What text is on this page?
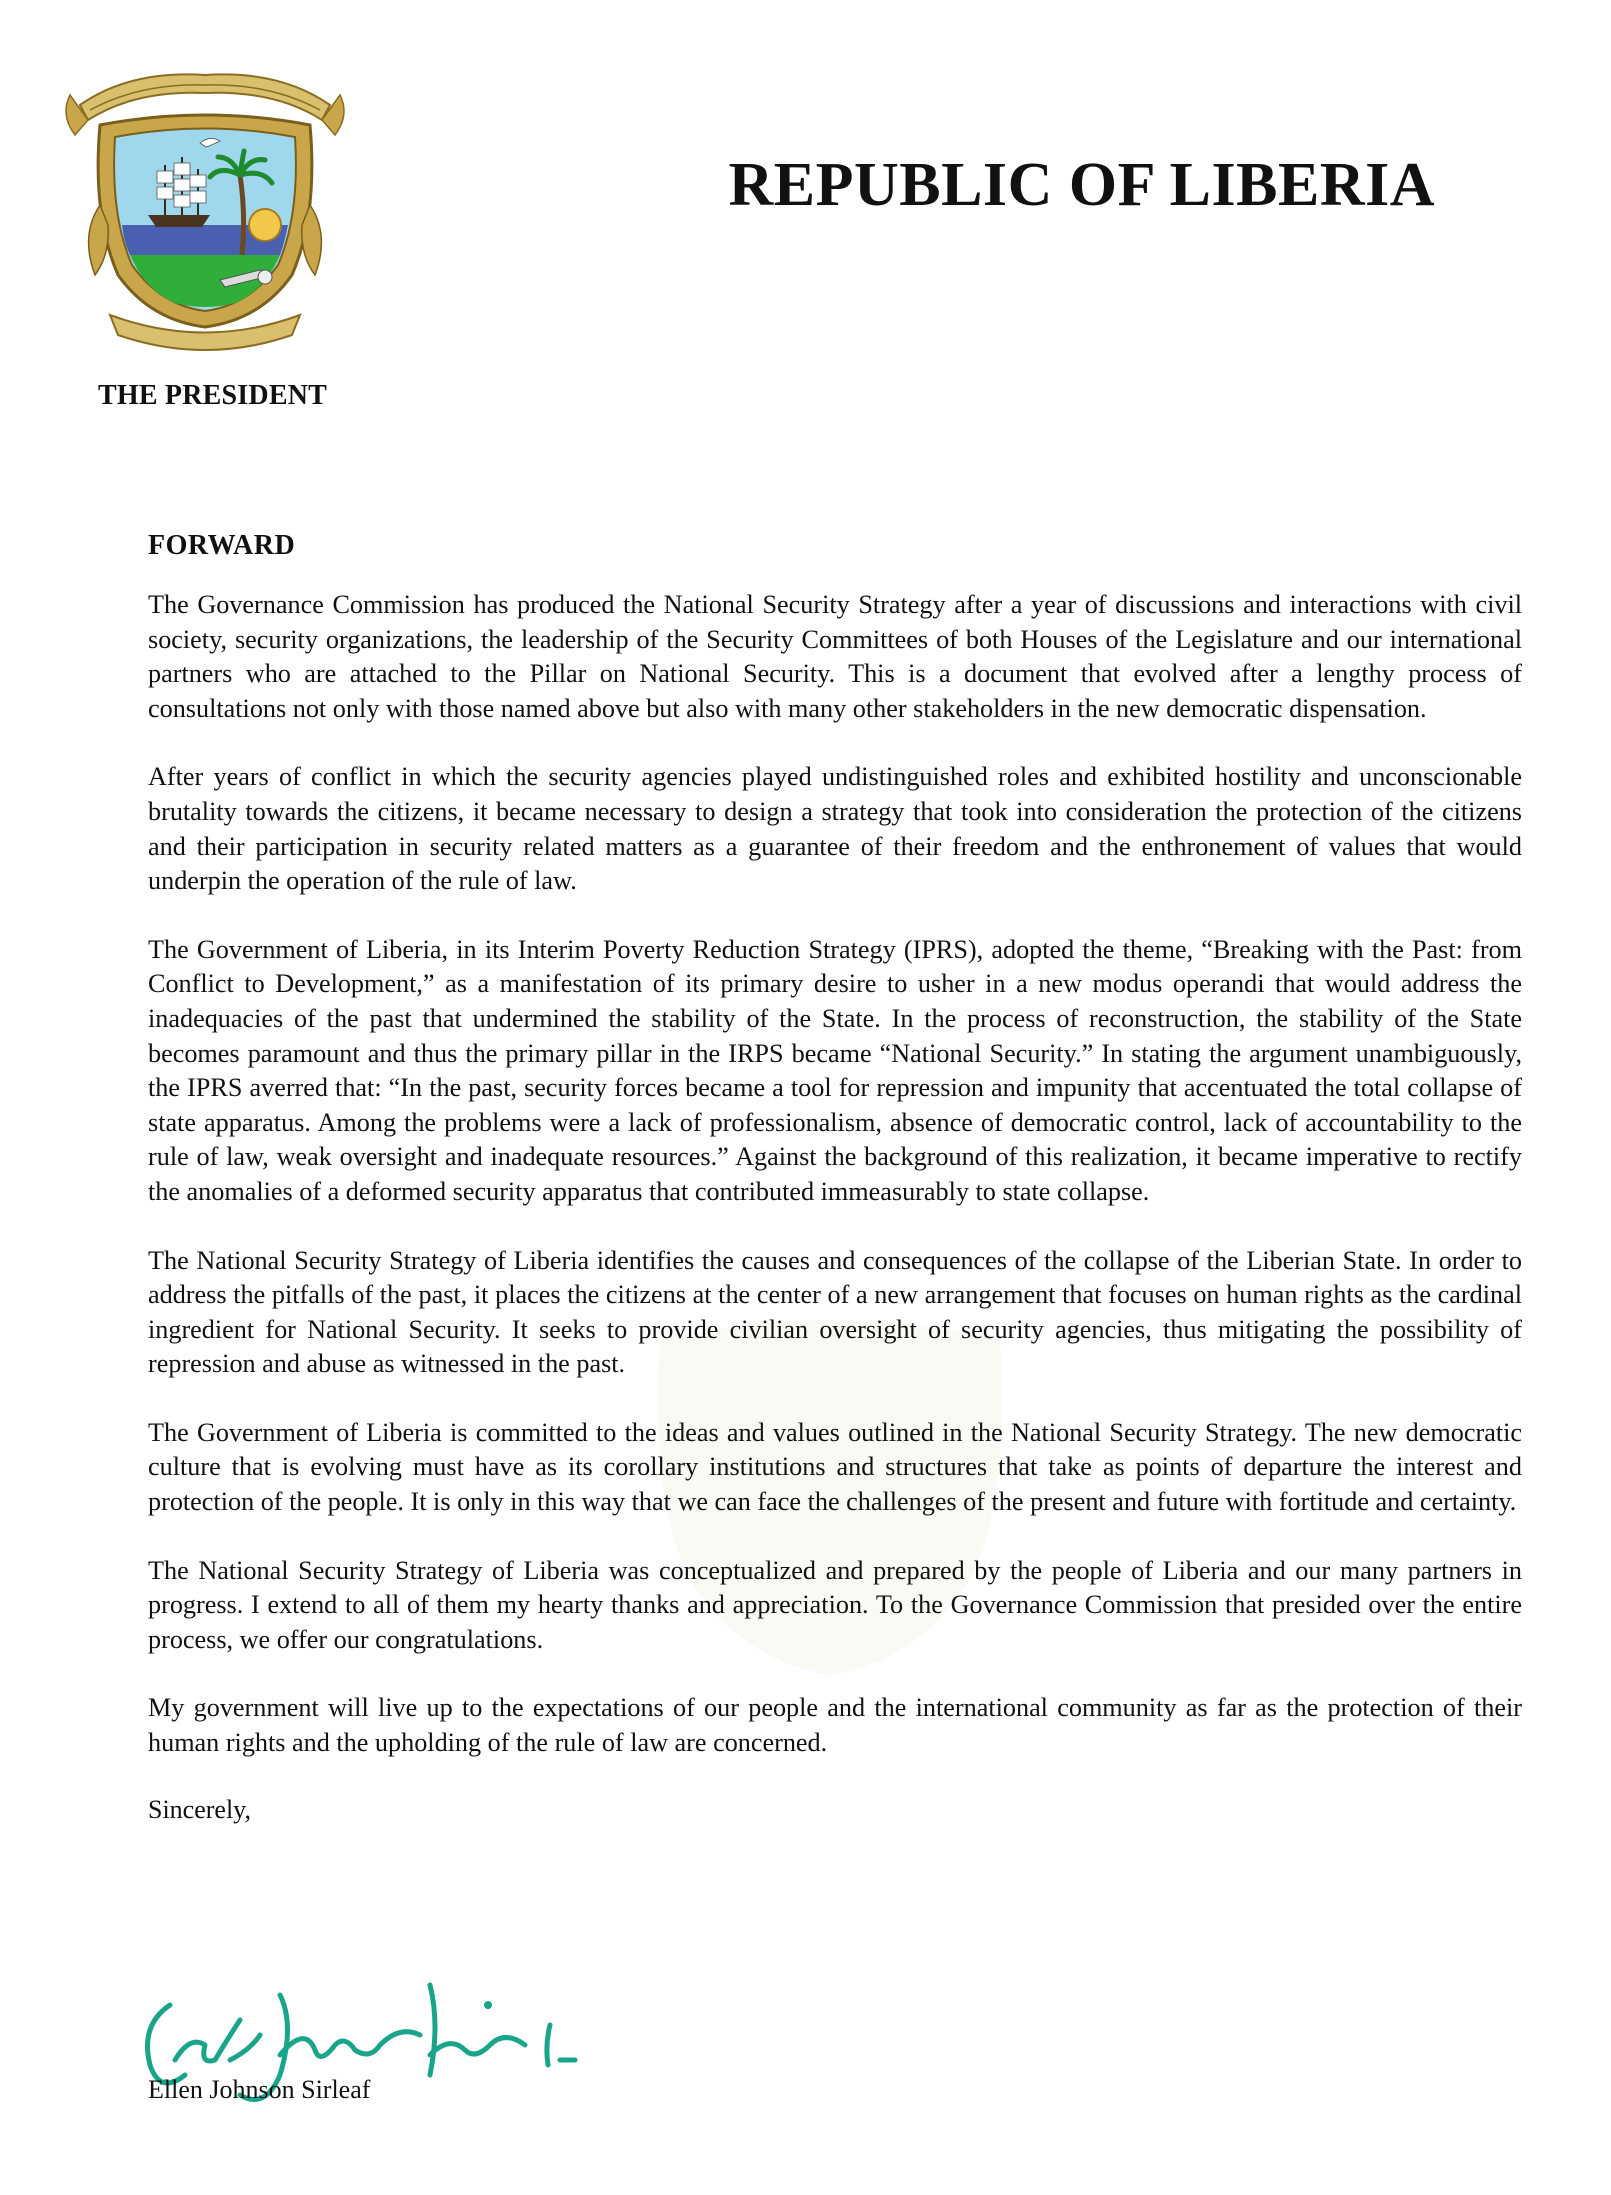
REPUBLIC OF LIBERIA
THE PRESIDENT
FORWARD

The Governance Commission has produced the National Security Strategy after a year of discussions and interactions with civil society, security organizations, the leadership of the Security Committees of both Houses of the Legislature and our international partners who are attached to the Pillar on National Security. This is a document that evolved after a lengthy process of consultations not only with those named above but also with many other stakeholders in the new democratic dispensation.

After years of conflict in which the security agencies played undistinguished roles and exhibited hostility and unconscionable brutality towards the citizens, it became necessary to design a strategy that took into consideration the protection of the citizens and their participation in security related matters as a guarantee of their freedom and the enthronement of values that would underpin the operation of the rule of law.

The Government of Liberia, in its Interim Poverty Reduction Strategy (IPRS), adopted the theme, “Breaking with the Past: from Conflict to Development,” as a manifestation of its primary desire to usher in a new modus operandi that would address the inadequacies of the past that undermined the stability of the State. In the process of reconstruction, the stability of the State becomes paramount and thus the primary pillar in the IRPS became “National Security.” In stating the argument unambiguously, the IPRS averred that: “In the past, security forces became a tool for repression and impunity that accentuated the total collapse of state apparatus. Among the problems were a lack of professionalism, absence of democratic control, lack of accountability to the rule of law, weak oversight and inadequate resources.” Against the background of this realization, it became imperative to rectify the anomalies of a deformed security apparatus that contributed immeasurably to state collapse.

The National Security Strategy of Liberia identifies the causes and consequences of the collapse of the Liberian State. In order to address the pitfalls of the past, it places the citizens at the center of a new arrangement that focuses on human rights as the cardinal ingredient for National Security. It seeks to provide civilian oversight of security agencies, thus mitigating the possibility of repression and abuse as witnessed in the past.

The Government of Liberia is committed to the ideas and values outlined in the National Security Strategy. The new democratic culture that is evolving must have as its corollary institutions and structures that take as points of departure the interest and protection of the people. It is only in this way that we can face the challenges of the present and future with fortitude and certainty.

The National Security Strategy of Liberia was conceptualized and prepared by the people of Liberia and our many partners in progress. I extend to all of them my hearty thanks and appreciation. To the Governance Commission that presided over the entire process, we offer our congratulations.

My government will live up to the expectations of our people and the international community as far as the protection of their human rights and the upholding of the rule of law are concerned.

Sincerely,

Ellen Johnson Sirleaf
